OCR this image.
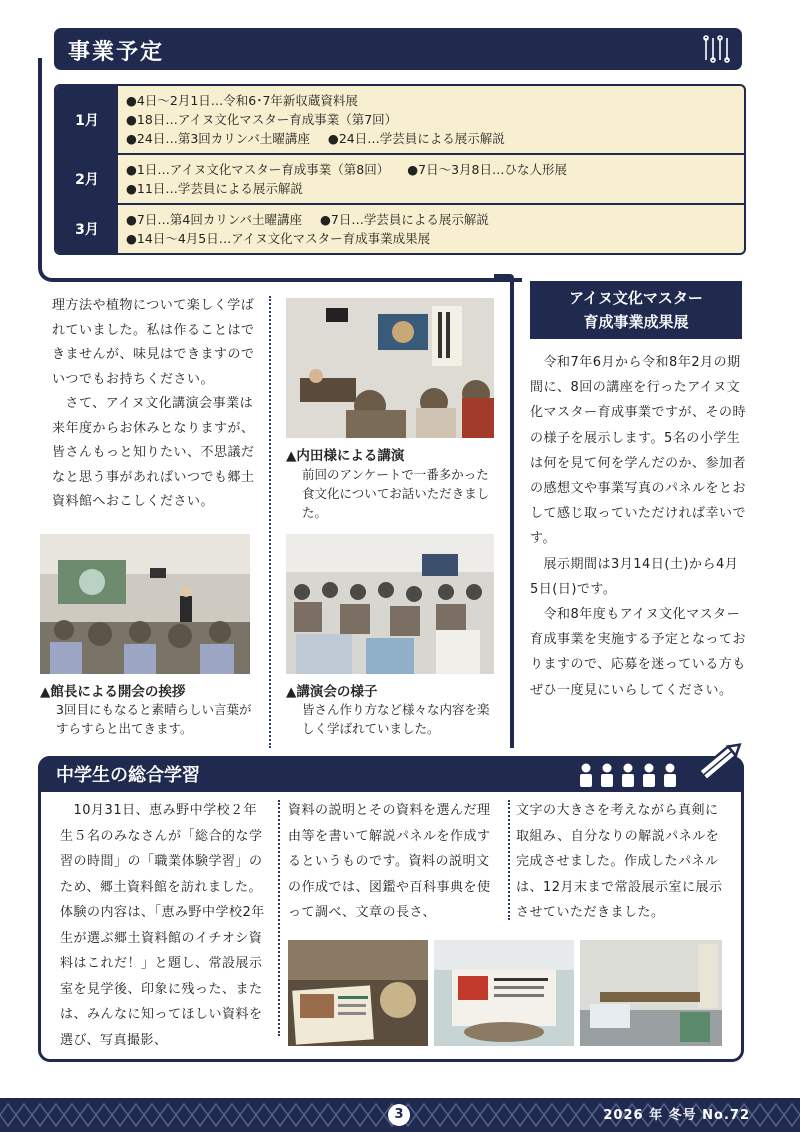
事業予定
1月
●4日〜2月1日…令和6･7年新収蔵資料展
●18日…アイヌ文化マスター育成事業（第7回）
●24日…第3回カリンバ土曜講座 ●24日…学芸員による展示解説
2月
●1日…アイヌ文化マスター育成事業（第8回） ●7日〜3月8日…ひな人形展
●11日…学芸員による展示解説
3月
●7日…第4回カリンバ土曜講座 ●7日…学芸員による展示解説
●14日〜4月5日…アイヌ文化マスター育成事業成果展
理方法や植物について楽しく学ばれていました。私は作ることはできませんが、味見はできますのでいつでもお持ちください。
　さて、アイヌ文化講演会事業は来年度からお休みとなりますが、皆さんもっと知りたい、不思議だなと思う事があればいつでも郷土資料館へおこしください。
▲館長による開会の挨拶
3回目にもなると素晴らしい言葉がすらすらと出てきます。
▲内田様による講演
前回のアンケートで一番多かった食文化についてお話いただきました。
▲講演会の様子
皆さん作り方など様々な内容を楽しく学ばれていました。
アイヌ文化マスター
育成事業成果展
　令和7年6月から令和8年2月の期間に、8回の講座を行ったアイヌ文化マスター育成事業ですが、その時の様子を展示します。5名の小学生は何を見て何を学んだのか、参加者の感想文や事業写真のパネルをとおして感じ取っていただければ幸いです。
　展示期間は3月14日(土)から4月5日(日)です。
　令和8年度もアイヌ文化マスター育成事業を実施する予定となっておりますので、応募を迷っている方もぜひ一度見にいらしてください。
中学生の総合学習
　10月31日、恵み野中学校２年生５名のみなさんが「総合的な学習の時間」の「職業体験学習」のため、郷土資料館を訪れました。体験の内容は、「恵み野中学校2年生が選ぶ郷土資料館のイチオシ資料はこれだ！」と題し、常設展示室を見学後、印象に残った、または、みんなに知ってほしい資料を選び、写真撮影、
資料の説明とその資料を選んだ理由等を書いて解説パネルを作成するというものです。資料の説明文の作成では、図鑑や百科事典を使って調べ、文章の長さ、
文字の大きさを考えながら真剣に取組み、自分なりの解説パネルを完成させました。作成したパネルは、12月末まで常設展示室に展示させていただきました。
3	2026 年 冬号 No.72
